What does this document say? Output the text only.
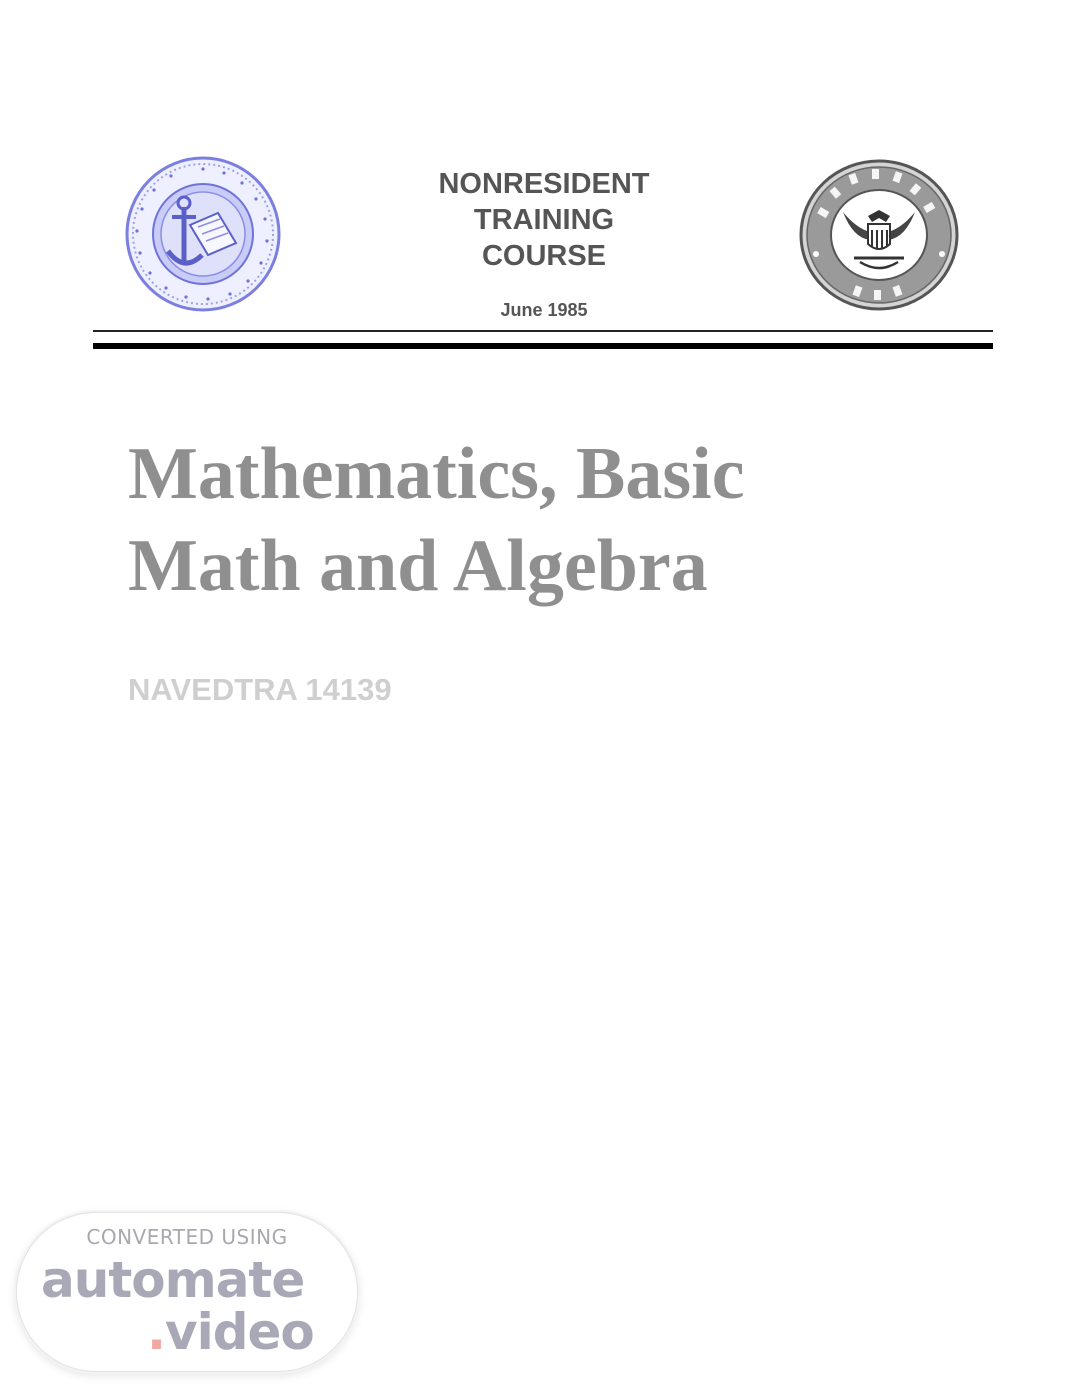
NONRESIDENT
TRAINING
COURSE
June 1985
Mathematics, Basic
Math and Algebra
NAVEDTRA 14139
CONVERTED USING
automate
.video
